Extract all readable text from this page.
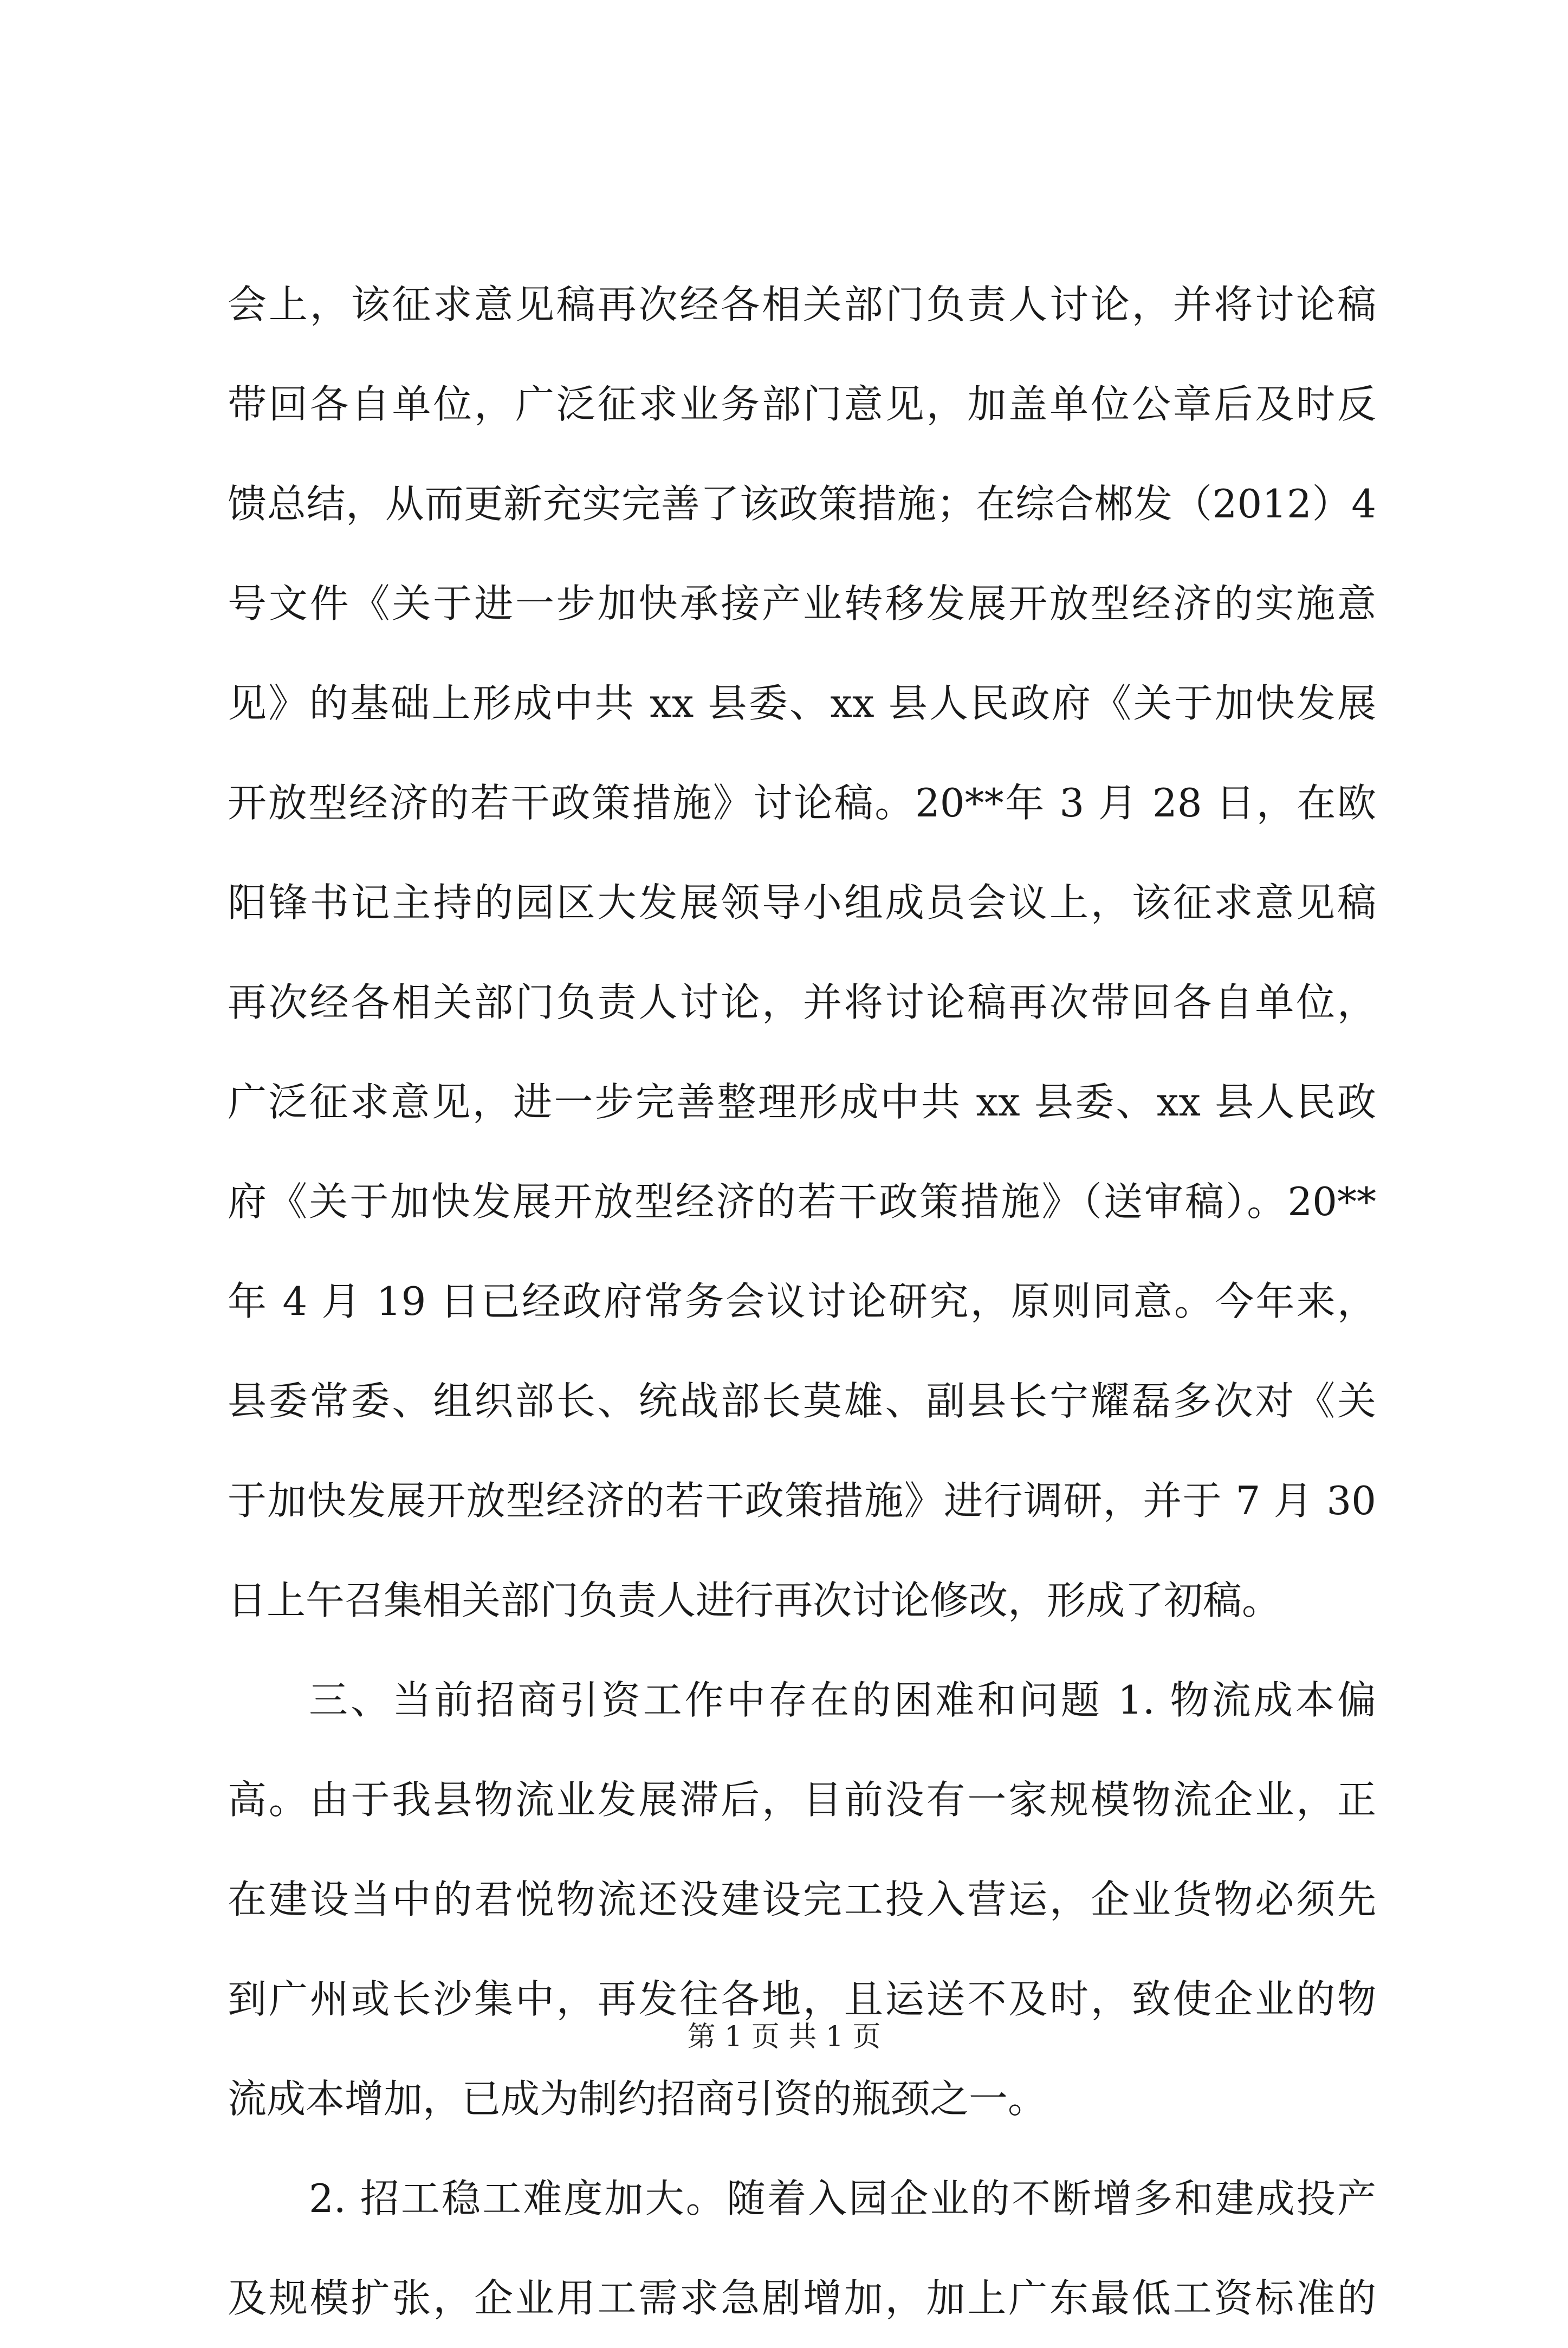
会上，该征求意见稿再次经各相关部门负责人讨论，并将讨论稿
带回各自单位，广泛征求业务部门意见，加盖单位公章后及时反
馈总结，从而更新充实完善了该政策措施；在综合郴发（2012）4
号文件《关于进一步加快承接产业转移发展开放型经济的实施意
见》的基础上形成中共 xx 县委、xx 县人民政府《关于加快发展
开放型经济的若干政策措施》讨论稿。20**年 3 月 28 日，在欧
阳锋书记主持的园区大发展领导小组成员会议上，该征求意见稿
再次经各相关部门负责人讨论，并将讨论稿再次带回各自单位，
广泛征求意见，进一步完善整理形成中共 xx 县委、xx 县人民政
府《关于加快发展开放型经济的若干政策措施》（送审稿）。20**
年 4 月 19 日已经政府常务会议讨论研究，原则同意。今年来，
县委常委、组织部长、统战部长莫雄、副县长宁耀磊多次对《关
于加快发展开放型经济的若干政策措施》进行调研，并于 7 月 30
日上午召集相关部门负责人进行再次讨论修改，形成了初稿。
三、当前招商引资工作中存在的困难和问题 1. 物流成本偏
高。由于我县物流业发展滞后，目前没有一家规模物流企业，正
在建设当中的君悦物流还没建设完工投入营运，企业货物必须先
到广州或长沙集中，再发往各地，且运送不及时，致使企业的物
流成本增加，已成为制约招商引资的瓶颈之一。
2. 招工稳工难度加大。随着入园企业的不断增多和建成投产
及规模扩张，企业用工需求急剧增加，加上广东最低工资标准的
第 1 页 共 1 页
